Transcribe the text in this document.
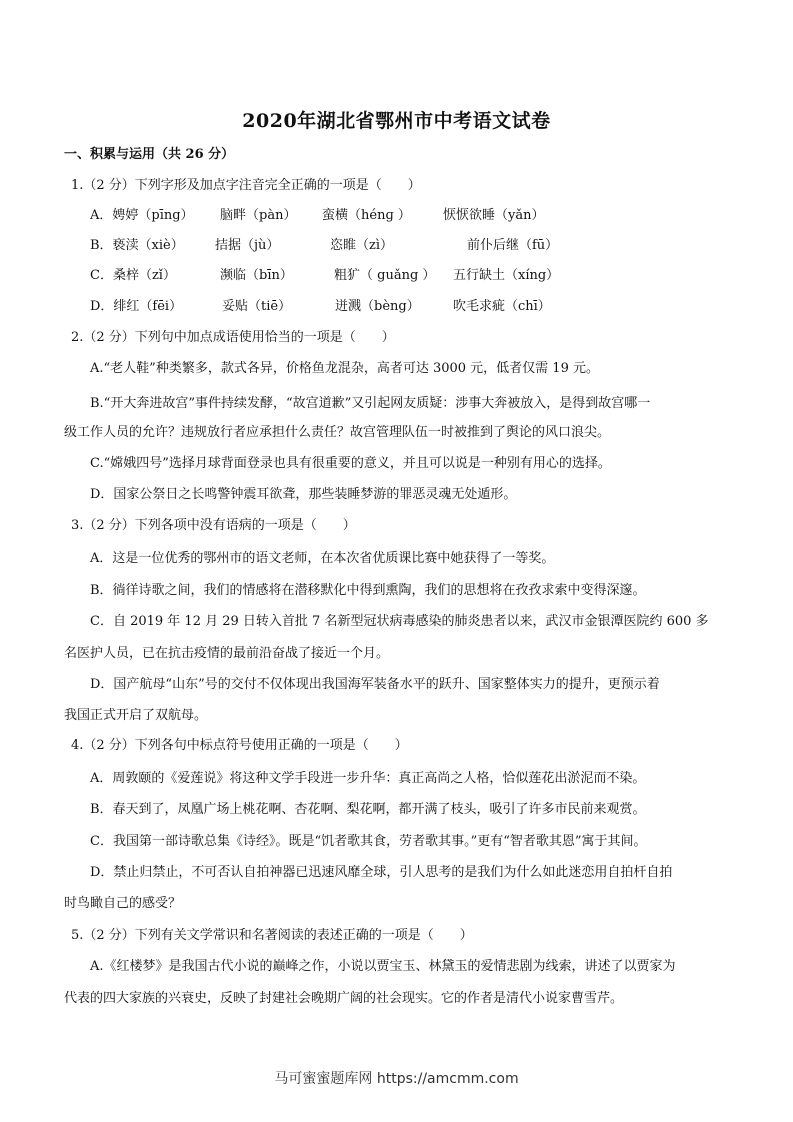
2020年湖北省鄂州市中考语文试卷
一、积累与运用（共 26 分）
1.（2 分）下列字形及加点字注音完全正确的一项是（　　）
A．娉婷（pīng） 脑畔（pàn） 蛮横（hénɡ ） 恹恹欲睡（yǎn）
B．亵渎（xiè） 拮据（jù）	恣睢（zì）	前仆后继（fū）
C．桑梓（zǐ）	濒临（bīn）	粗犷（ guǎng ） 五行缺土（xíng）
D．绯红（fēi）	妥贴（tiē）	迸溅（bèng）	吹毛求疵（chī）
2.（2 分）下列句中加点成语使用恰当的一项是（　　）
A.“老人鞋”种类繁多，款式各异，价格鱼龙混杂，高者可达 3000 元，低者仅需 19 元。
B.“开大奔进故宫”事件持续发酵，“故宫道歉”又引起网友质疑：涉事大奔被放入，是得到故宫哪一
级工作人员的允许？违规放行者应承担什么责任？故宫管理队伍一时被推到了舆论的风口浪尖。
C.“嫦娥四号”选择月球背面登录也具有很重要的意义，并且可以说是一种别有用心的选择。
D．国家公祭日之长鸣警钟震耳欲聋，那些装睡梦游的罪恶灵魂无处遁形。
3.（2 分）下列各项中没有语病的一项是（　　）
A．这是一位优秀的鄂州市的语文老师，在本次省优质课比赛中她获得了一等奖。
B．徜徉诗歌之间，我们的情感将在潜移默化中得到熏陶，我们的思想将在孜孜求索中变得深邃。
C．自 2019 年 12 月 29 日转入首批 7 名新型冠状病毒感染的肺炎患者以来，武汉市金银潭医院约 600 多
名医护人员，已在抗击疫情的最前沿奋战了接近一个月。
D．国产航母“山东”号的交付不仅体现出我国海军装备水平的跃升、国家整体实力的提升，更预示着
我国正式开启了双航母。
4.（2 分）下列各句中标点符号使用正确的一项是（　　）
A．周敦颐的《爱莲说》将这种文学手段进一步升华：真正高尚之人格，恰似莲花出淤泥而不染。
B．春天到了，凤凰广场上桃花啊、杏花啊、梨花啊，都开满了枝头，吸引了许多市民前来观赏。
C．我国第一部诗歌总集《诗经》。既是“饥者歌其食，劳者歌其事。”更有“智者歌其恩”寓于其间。
D．禁止归禁止，不可否认自拍神器已迅速风靡全球，引人思考的是我们为什么如此迷恋用自拍杆自拍
时鸟瞰自己的感受？
5.（2 分）下列有关文学常识和名著阅读的表述正确的一项是（　　）
A.《红楼梦》是我国古代小说的巅峰之作，小说以贾宝玉、林黛玉的爱情悲剧为线索，讲述了以贾家为
代表的四大家族的兴衰史，反映了封建社会晚期广阔的社会现实。它的作者是清代小说家曹雪芹。
马可蜜蜜题库网 https://amcmm.com
